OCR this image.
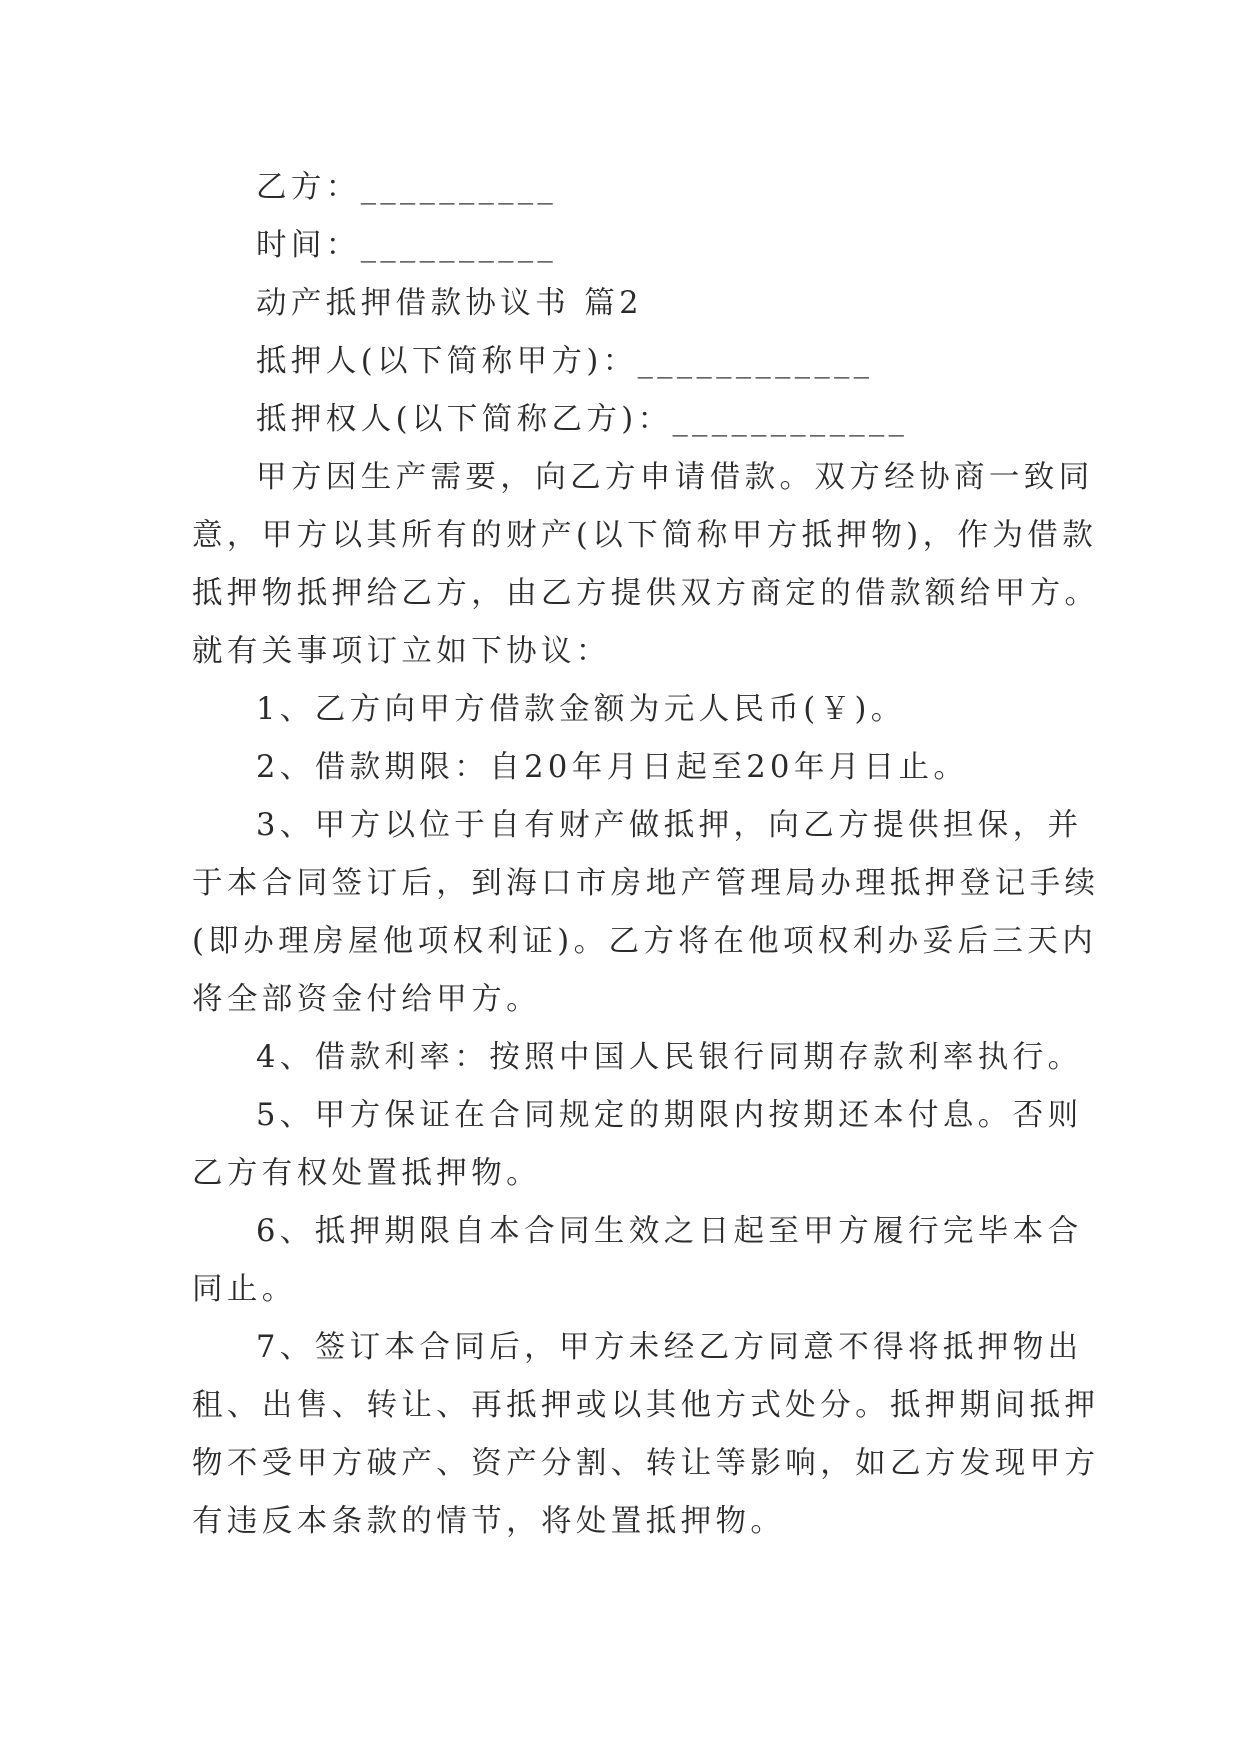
乙方：__________
时间：__________
动产抵押借款协议书 篇2
抵押人(以下简称甲方)：____________
抵押权人(以下简称乙方)：____________
甲方因生产需要，向乙方申请借款。双方经协商一致同
意，甲方以其所有的财产(以下简称甲方抵押物)，作为借款
抵押物抵押给乙方，由乙方提供双方商定的借款额给甲方。
就有关事项订立如下协议：
1、乙方向甲方借款金额为元人民币(￥)。
2、借款期限：自20年月日起至20年月日止。
3、甲方以位于自有财产做抵押，向乙方提供担保，并
于本合同签订后，到海口市房地产管理局办理抵押登记手续
(即办理房屋他项权利证)。乙方将在他项权利办妥后三天内
将全部资金付给甲方。
4、借款利率：按照中国人民银行同期存款利率执行。
5、甲方保证在合同规定的期限内按期还本付息。否则
乙方有权处置抵押物。
6、抵押期限自本合同生效之日起至甲方履行完毕本合
同止。
7、签订本合同后，甲方未经乙方同意不得将抵押物出
租、出售、转让、再抵押或以其他方式处分。抵押期间抵押
物不受甲方破产、资产分割、转让等影响，如乙方发现甲方
有违反本条款的情节，将处置抵押物。
